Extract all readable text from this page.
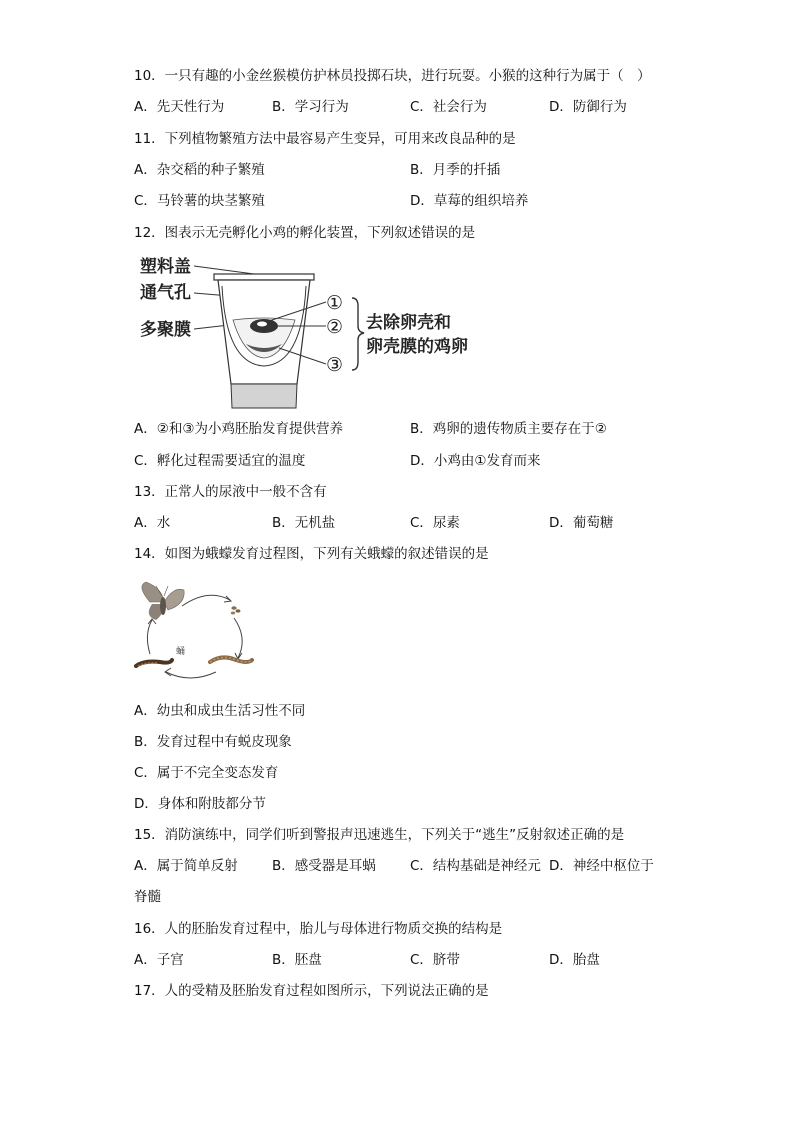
10．一只有趣的小金丝猴模仿护林员投掷石块，进行玩耍。小猴的这种行为属于（　）
A．先天性行为	B．学习行为	C．社会行为	D．防御行为
11．下列植物繁殖方法中最容易产生变异，可用来改良品种的是
A．杂交稻的种子繁殖	B．月季的扦插
C．马铃薯的块茎繁殖	D．草莓的组织培养
12．图表示无壳孵化小鸡的孵化装置，下列叙述错误的是
塑料盖
通气孔
多聚膜
①
②
③
去除卵壳和
卵壳膜的鸡卵
A．②和③为小鸡胚胎发育提供营养	B．鸡卵的遗传物质主要存在于②
C．孵化过程需要适宜的温度	D．小鸡由①发育而来
13．正常人的尿液中一般不含有
A．水	B．无机盐	C．尿素	D．葡萄糖
14．如图为蛾蠓发育过程图，下列有关蛾蠓的叙述错误的是
蛹
A．幼虫和成虫生活习性不同
B．发育过程中有蜕皮现象
C．属于不完全变态发育
D．身体和附肢都分节
15．消防演练中，同学们听到警报声迅速逃生，下列关于“逃生”反射叙述正确的是
A．属于简单反射	B．感受器是耳蜗	C．结构基础是神经元 D．神经中枢位于
脊髓
16．人的胚胎发育过程中，胎儿与母体进行物质交换的结构是
A．子宫	B．胚盘	C．脐带	D．胎盘
17．人的受精及胚胎发育过程如图所示，下列说法正确的是
